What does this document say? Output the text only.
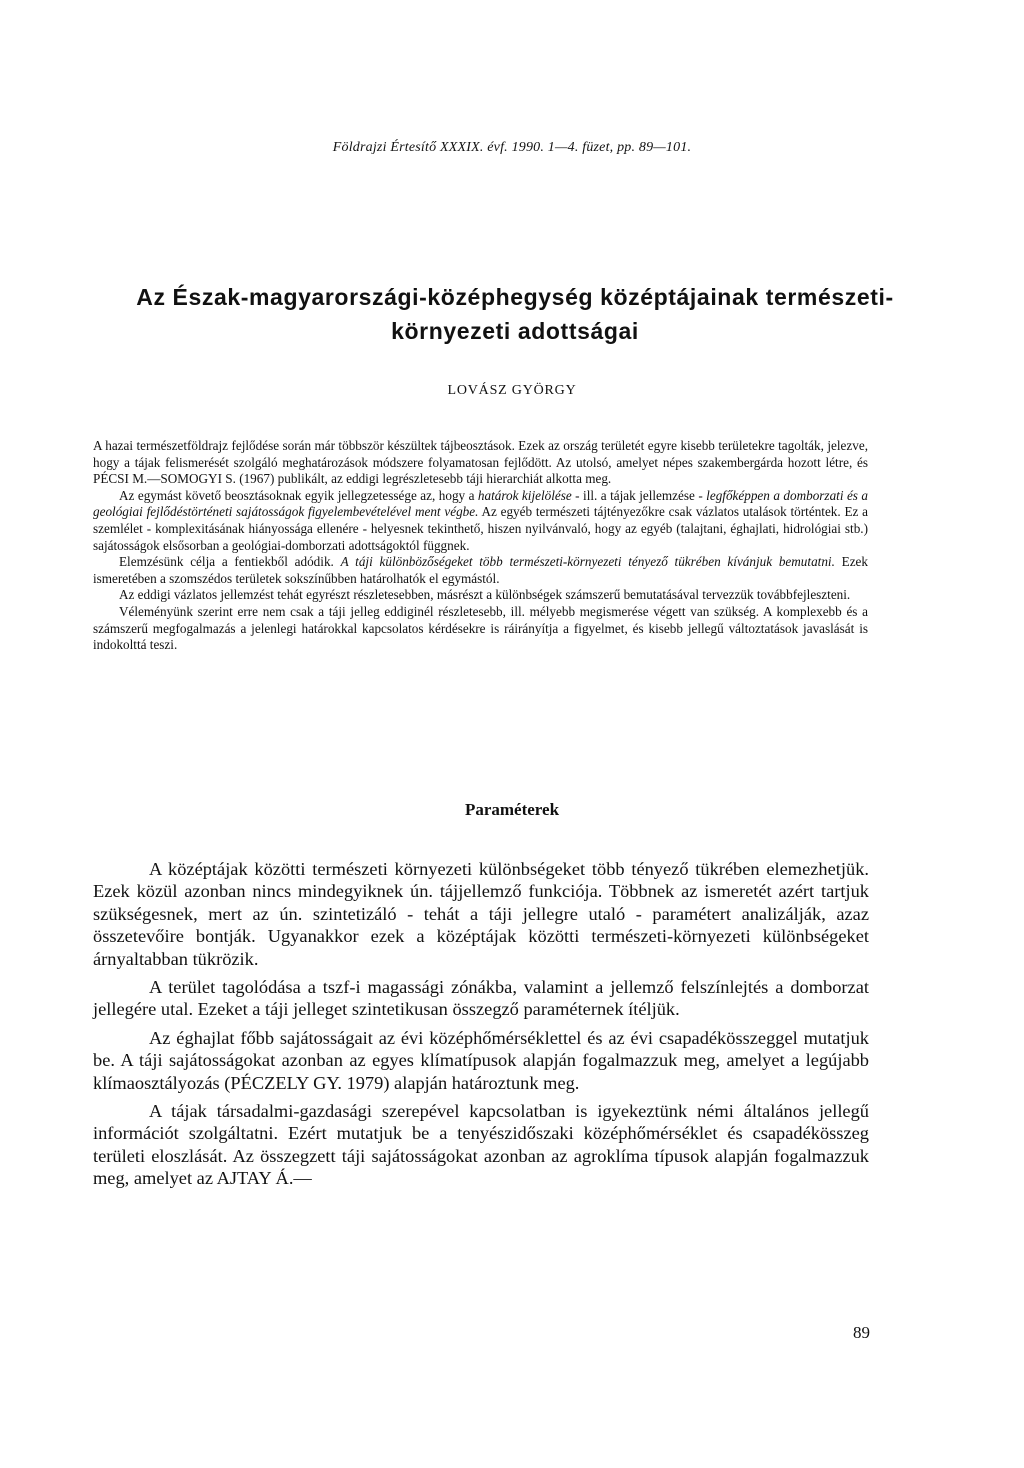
Földrajzi Értesítő XXXIX. évf. 1990. 1—4. füzet, pp. 89—101.
Az Észak-magyarországi-középhegység középtájainak természeti-környezeti adottságai
LOVÁSZ GYÖRGY

A hazai természetföldrajz fejlődése során már többször készültek tájbeosztások. Ezek az ország területét egyre kisebb területekre tagolták, jelezve, hogy a tájak felismerését szolgáló meghatározások módszere folyamatosan fejlődött. Az utolsó, amelyet népes szakembergárda hozott létre, és PÉCSI M.—SOMOGYI S. (1967) publikált, az eddigi legrészletesebb táji hierarchiát alkotta meg.

Az egymást követő beosztásoknak egyik jellegzetessége az, hogy a határok kijelölése - ill. a tájak jellemzése - legfőképpen a domborzati és a geológiai fejlődéstörténeti sajátosságok figyelembevételével ment végbe. Az egyéb természeti tájtényezőkre csak vázlatos utalások történtek. Ez a szemlélet - komplexitásának hiányossága ellenére - helyesnek tekinthető, hiszen nyilvánvaló, hogy az egyéb (talajtani, éghajlati, hidrológiai stb.) sajátosságok elsősorban a geológiai-domborzati adottságoktól függnek.

Elemzésünk célja a fentiekből adódik. A táji különbözőségeket több természeti-környezeti tényező tükrében kívánjuk bemutatni. Ezek ismeretében a szomszédos területek sokszínűbben határolhatók el egymástól.

Az eddigi vázlatos jellemzést tehát egyrészt részletesebben, másrészt a különbségek számszerű bemutatásával tervezzük továbbfejleszteni.

Véleményünk szerint erre nem csak a táji jelleg eddiginél részletesebb, ill. mélyebb megismerése végett van szükség. A komplexebb és a számszerű megfogalmazás a jelenlegi határokkal kapcsolatos kérdésekre is ráirányítja a figyelmet, és kisebb jellegű változtatások javaslását is indokolttá teszi.

Paraméterek

A középtájak közötti természeti környezeti különbségeket több tényező tükrében elemezhetjük. Ezek közül azonban nincs mindegyiknek ún. tájjellemző funkciója. Többnek az ismeretét azért tartjuk szükségesnek, mert az ún. szintetizáló - tehát a táji jellegre utaló - paramétert analizálják, azaz összetevőire bontják. Ugyanakkor ezek a középtájak közötti természeti-környezeti különbségeket árnyaltabban tükrözik.

A terület tagolódása a tszf-i magassági zónákba, valamint a jellemző felszínlejtés a domborzat jellegére utal. Ezeket a táji jelleget szintetikusan összegző paraméternek ítéljük.

Az éghajlat főbb sajátosságait az évi középhőmérséklettel és az évi csapadékösszeggel mutatjuk be. A táji sajátosságokat azonban az egyes klímatípusok alapján fogalmazzuk meg, amelyet a legújabb klímaosztályozás (PÉCZELY GY. 1979) alapján határoztunk meg.

A tájak társadalmi-gazdasági szerepével kapcsolatban is igyekeztünk némi általános jellegű információt szolgáltatni. Ezért mutatjuk be a tenyészidőszaki középhőmérséklet és csapadékösszeg területi eloszlását. Az összegzett táji sajátosságokat azonban az agroklíma típusok alapján fogalmazzuk meg, amelyet az AJTAY Á.—

89
